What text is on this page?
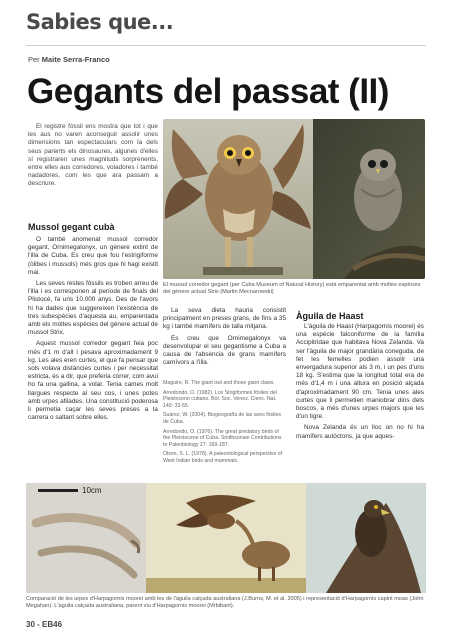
Sabies que...
Per Maite Serra-Franco
Gegants del passat (II)

El registre fòssil ens mostra que tot i que les aus no varen aconseguir assolir unes dimensions tan espectaculars com la dels seus parents els dinosaures, algunes d'elles sí registraren unes magnituds sorprenents, entre elles aus corredores, voladores i també nadadores, com les que ara passam a descriure.

Mussol gegant cubà

O també anomenat mussol corredor gegant, Ornimegalonyx, un gènere extint de l'illa de Cuba. Es creu que fou l'estrigiforme (òlibes i mussols) més gros que hi hagi existit mai.

Les seves restes fòssils es troben arreu de l'illa i es corresponen al període de finals del Plistocè, fa uns 10.000 anys. Des de l'avors hi ha dades que suggereixen l'existència de tres subespècies d'aquesta au, emparentada amb els mòltes espècies del gènere actual de mussol Strix.

Aquest mussol corredor gegant feia poc més d'1 m d'alt i pesava aproximadament 9 kg. Les ales eren curtes, el que fa pensar que sols volava distàncies curtes i per necessitat estricta, és a dir, que preferia córrer, com avui ho fa una gallina, a volar. Tenia cames molt llargues respecte al seu cos, i unes potes amb urpes afilades. Una constitució poderosa li permetia caçar les seves preses a la carrera o saltant sobre elles.

El mussol corredor gegant (per Cuba Museum of Natural History) està emparentat amb moltes espècies del gènere actual Strix (Martin Mecnarowski)

La seva dieta hauria consistit principalment en preses grans, de fins a 35 kg i també mamífers de talla mitjana.

Es creu que Ornimegalonyx va desenvolupar el seu gegantisme a Cuba a causa de l'absència de grans mamífers carnívors a l'illa.

Maguire, R. The giant owl and those giant claws.

Arredondo, O. (1982). Los Strigiformes fósiles del Pleistoceno cubano. Bol. Soc. Venez. Cienc. Nat. 140: 33-55.

Suárez, W. (2004). Biogeografía de las aves fósiles de Cuba.

Arredondo, O. (1976). The great predatory birds of the Pleistocene of Cuba. Smithsonian Contributions to Paleobiology 27: 169-187.

Olson, S. L. (1978). A paleontological perspective of West Indian birds and mammals.

Àguila de Haast

L'àguila de Haast (Harpagornis moorei) és una espècie falconiforme de la família Accipitridae que habitava Nova Zelanda. Va ser l'àguila de major grandària coneguda, de fet les femelles podien assolir una envergadura superior als 3 m, i un pes d'uns 18 kg. S'estima que la longitud total era de més d'1,4 m i una altura en posició alçada d'aproximadament 90 cm. Tenia unes ales curtes que li permetien maniobrar dins dels boscos, a més d'unes urpes majors que les d'un tigre.

Nova Zelanda és un lloc on no hi ha mamífers autòctons, ja que aques-

10cm
Comparació de les urpes d'Harpagornis moorei amb les de l'àguila calçada australiana (J.Burns, M. et al. 2005) i representació d'Harpagornis capint moas (John Megahan). L'àguila calçada australiana, parent viu d'Harpagornis moorei (Mrbibant).
30 - EB46
